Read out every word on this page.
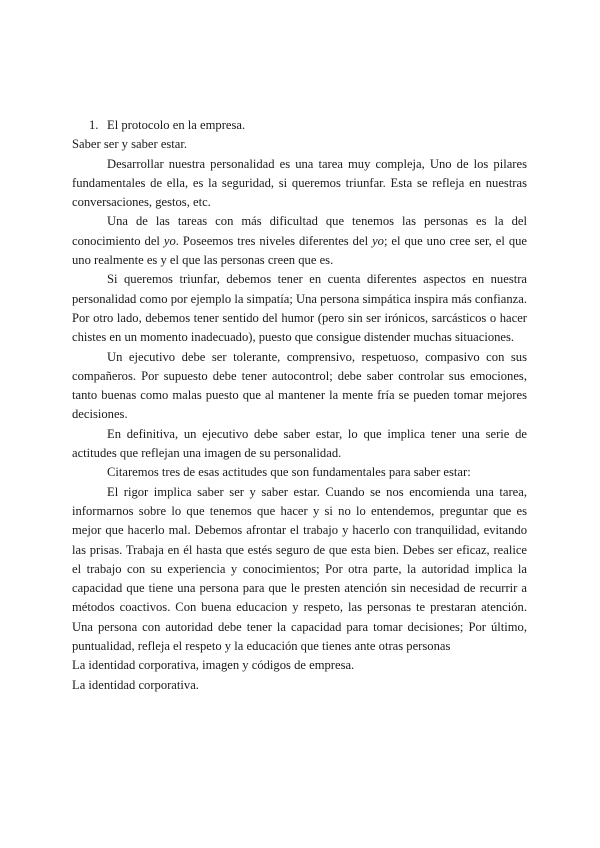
1. El protocolo en la empresa.

Saber ser y saber estar.

Desarrollar nuestra personalidad es una tarea muy compleja, Uno de los pilares fundamentales de ella, es la seguridad, si queremos triunfar. Esta se refleja en nuestras conversaciones, gestos, etc.

Una de las tareas con más dificultad que tenemos las personas es la del conocimiento del yo. Poseemos tres niveles diferentes del yo; el que uno cree ser, el que uno realmente es y el que las personas creen que es.

Si queremos triunfar, debemos tener en cuenta diferentes aspectos en nuestra personalidad como por ejemplo la simpatía; Una persona simpática inspira más confianza. Por otro lado, debemos tener sentido del humor (pero sin ser irónicos, sarcásticos o hacer chistes en un momento inadecuado), puesto que consigue distender muchas situaciones.

Un ejecutivo debe ser tolerante, comprensivo, respetuoso, compasivo con sus compañeros. Por supuesto debe tener autocontrol; debe saber controlar sus emociones, tanto buenas como malas puesto que al mantener la mente fría se pueden tomar mejores decisiones.

En definitiva, un ejecutivo debe saber estar, lo que implica tener una serie de actitudes que reflejan una imagen de su personalidad.

Citaremos tres de esas actitudes que son fundamentales para saber estar:

El rigor implica saber ser y saber estar. Cuando se nos encomienda una tarea, informarnos sobre lo que tenemos que hacer y si no lo entendemos, preguntar que es mejor que hacerlo mal. Debemos afrontar el trabajo y hacerlo con tranquilidad, evitando las prisas. Trabaja en él hasta que estés seguro de que esta bien. Debes ser eficaz, realice el trabajo con su experiencia y conocimientos; Por otra parte, la autoridad implica la capacidad que tiene una persona para que le presten atención sin necesidad de recurrir a métodos coactivos. Con buena educacion y respeto, las personas te prestaran atención. Una persona con autoridad debe tener la capacidad para tomar decisiones; Por último, puntualidad, refleja el respeto y la educación que tienes ante otras personas

La identidad corporativa, imagen y códigos de empresa.

La identidad corporativa.
